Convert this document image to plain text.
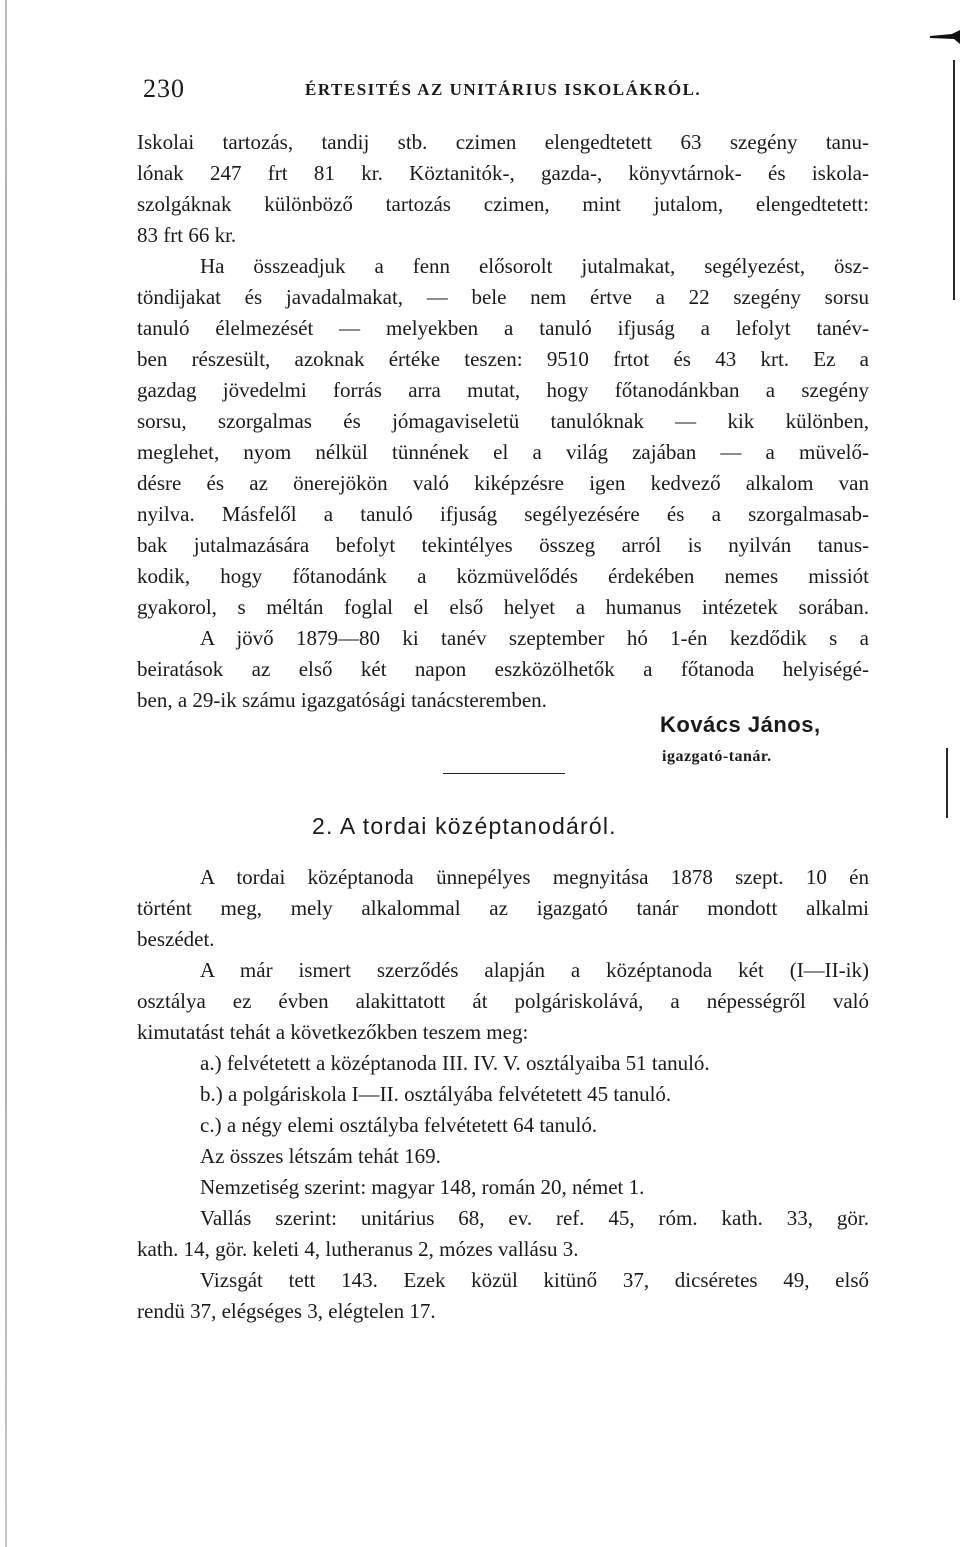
230	ÉRTESITÉS AZ UNITÁRIUS ISKOLÁKRÓL.
Iskolai tartozás, tandij stb. czimen elengedtetett 63 szegény tanu-
lónak 247 frt 81 kr. Köztanitók-, gazda-, könyvtárnok- és iskola-
szolgáknak különböző tartozás czimen, mint jutalom, elengedtetett:
83 frt 66 kr.
Ha összeadjuk a fenn elősorolt jutalmakat, segélyezést, ösz-
töndijakat és javadalmakat, — bele nem értve a 22 szegény sorsu
tanuló élelmezését — melyekben a tanuló ifjuság a lefolyt tanév-
ben részesült, azoknak értéke teszen: 9510 frtot és 43 krt. Ez a
gazdag jövedelmi forrás arra mutat, hogy főtanodánkban a szegény
sorsu, szorgalmas és jómagaviseletü tanulóknak — kik különben,
meglehet, nyom nélkül tünnének el a világ zajában — a müvelő-
désre és az önerejökön való kiképzésre igen kedvező alkalom van
nyilva. Másfelől a tanuló ifjuság segélyezésére és a szorgalmasab-
bak jutalmazására befolyt tekintélyes összeg arról is nyilván tanus-
kodik, hogy főtanodánk a közmüvelődés érdekében nemes missiót
gyakorol, s méltán foglal el első helyet a humanus intézetek sorában.
A jövő 1879—80 ki tanév szeptember hó 1-én kezdődik s a
beiratások az első két napon eszközölhetők a főtanoda helyiségé-
ben, a 29-ik számu igazgatósági tanácsteremben.
Kovács János,
igazgató-tanár.
2. A tordai középtanodáról.
A tordai középtanoda ünnepélyes megnyitása 1878 szept. 10 én
történt meg, mely alkalommal az igazgató tanár mondott alkalmi
beszédet.
A már ismert szerződés alapján a középtanoda két (I—II-ik)
osztálya ez évben alakittatott át polgáriskolává, a népességről való
kimutatást tehát a következőkben teszem meg:
a.) felvétetett a középtanoda III. IV. V. osztályaiba 51 tanuló.
b.) a polgáriskola I—II. osztályába felvétetett 45 tanuló.
c.) a négy elemi osztályba felvétetett 64 tanuló.
Az összes létszám tehát 169.
Nemzetiség szerint: magyar 148, román 20, német 1.
Vallás szerint: unitárius 68, ev. ref. 45, róm. kath. 33, gör.
kath. 14, gör. keleti 4, lutheranus 2, mózes vallásu 3.
Vizsgát tett 143. Ezek közül kitünő 37, dicséretes 49, első
rendü 37, elégséges 3, elégtelen 17.
